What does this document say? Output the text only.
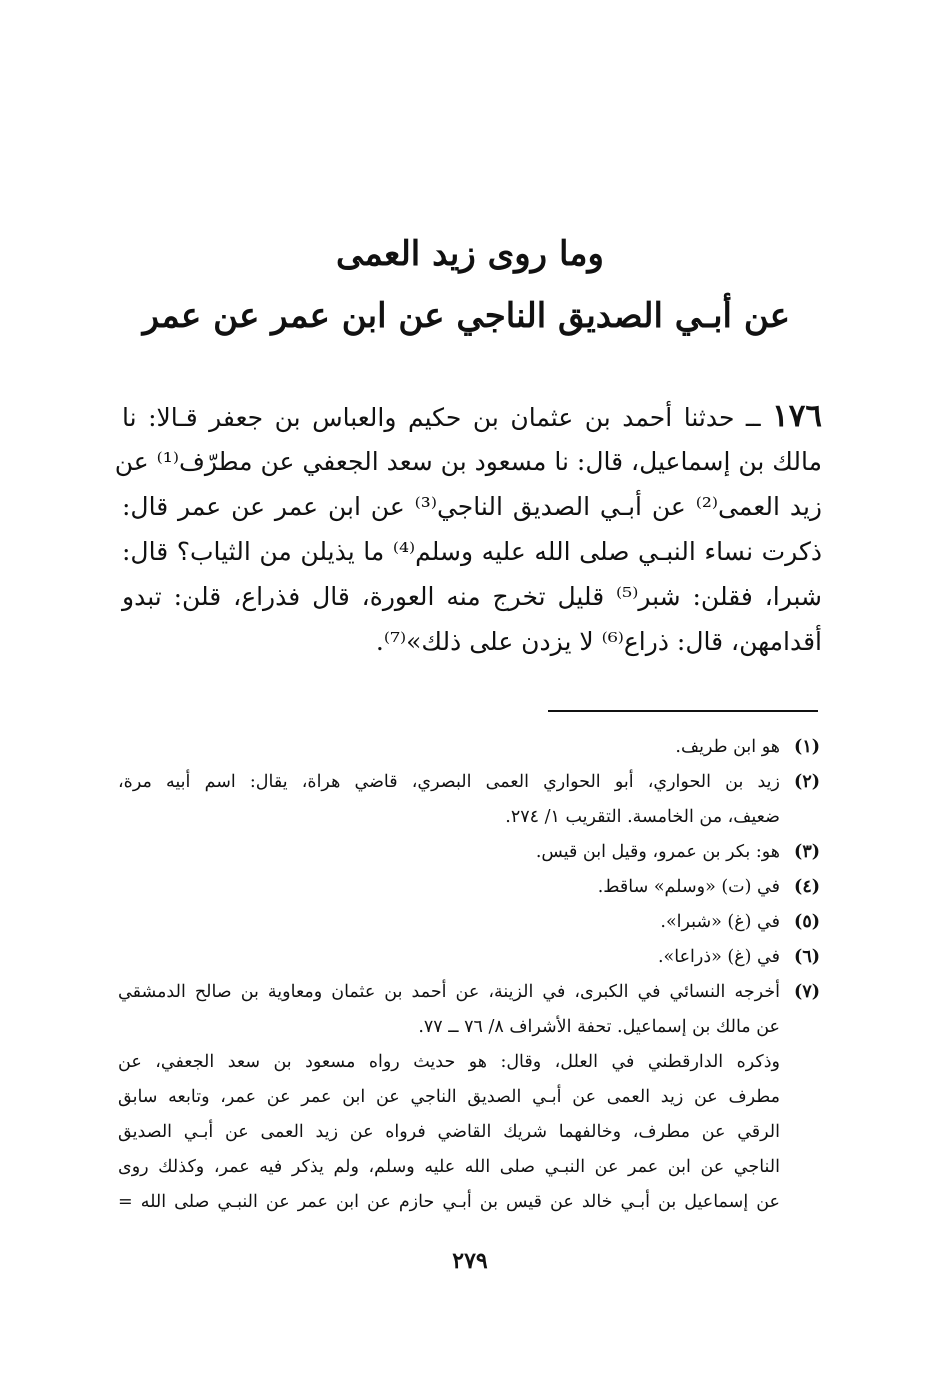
وما روى زيد العمى
عن أبـي الصديق الناجي عن ابن عمر عن عمر
١٧٦ ــ حدثنا أحمد بن عثمان بن حكيم والعباس بن جعفر قـالا: نا
مالك بن إسماعيل، قال: نا مسعود بن سعد الجعفي عن مطرّف⁽¹⁾ عن
زيد العمى⁽²⁾ عن أبـي الصديق الناجي⁽³⁾ عن ابن عمر عن عمر قال:
ذكرت نساء النبـي صلى الله عليه وسلم⁽⁴⁾ ما يذيلن من الثياب؟ قال:
شبرا، فقلن: شبر⁽⁵⁾ قليل تخرج منه العورة، قال فذراع، قلن: تبدو
أقدامهن، قال: ذراع⁽⁶⁾ لا يزدن على ذلك»⁽⁷⁾.
(١)
هو ابن طريف.
(٢)
زيد بن الحواري، أبو الحواري العمى البصري، قاضي هراة، يقال: اسم أبيه مرة،
ضعيف، من الخامسة. التقريب ١/ ٢٧٤.
(٣)
هو: بكر بن عمرو، وقيل ابن قيس.
(٤)
في (ت) «وسلم» ساقط.
(٥)
في (غ) «شبرا».
(٦)
في (غ) «ذراعا».
(٧)
أخرجه النسائي في الكبرى، في الزينة، عن أحمد بن عثمان ومعاوية بن صالح الدمشقي
عن مالك بن إسماعيل. تحفة الأشراف ٨/ ٧٦ ــ ٧٧.
وذكره الدارقطني في العلل، وقال: هو حديث رواه مسعود بن سعد الجعفي، عن
مطرف عن زيد العمى عن أبـي الصديق الناجي عن ابن عمر عن عمر، وتابعه سابق
الرقي عن مطرف، وخالفهما شريك القاضي فرواه عن زيد العمى عن أبـي الصديق
الناجي عن ابن عمر عن النبـي صلى الله عليه وسلم، ولم يذكر فيه عمر، وكذلك روى
عن إسماعيل بن أبـي خالد عن قيس بن أبـي حازم عن ابن عمر عن النبـي صلى الله =
٢٧٩
